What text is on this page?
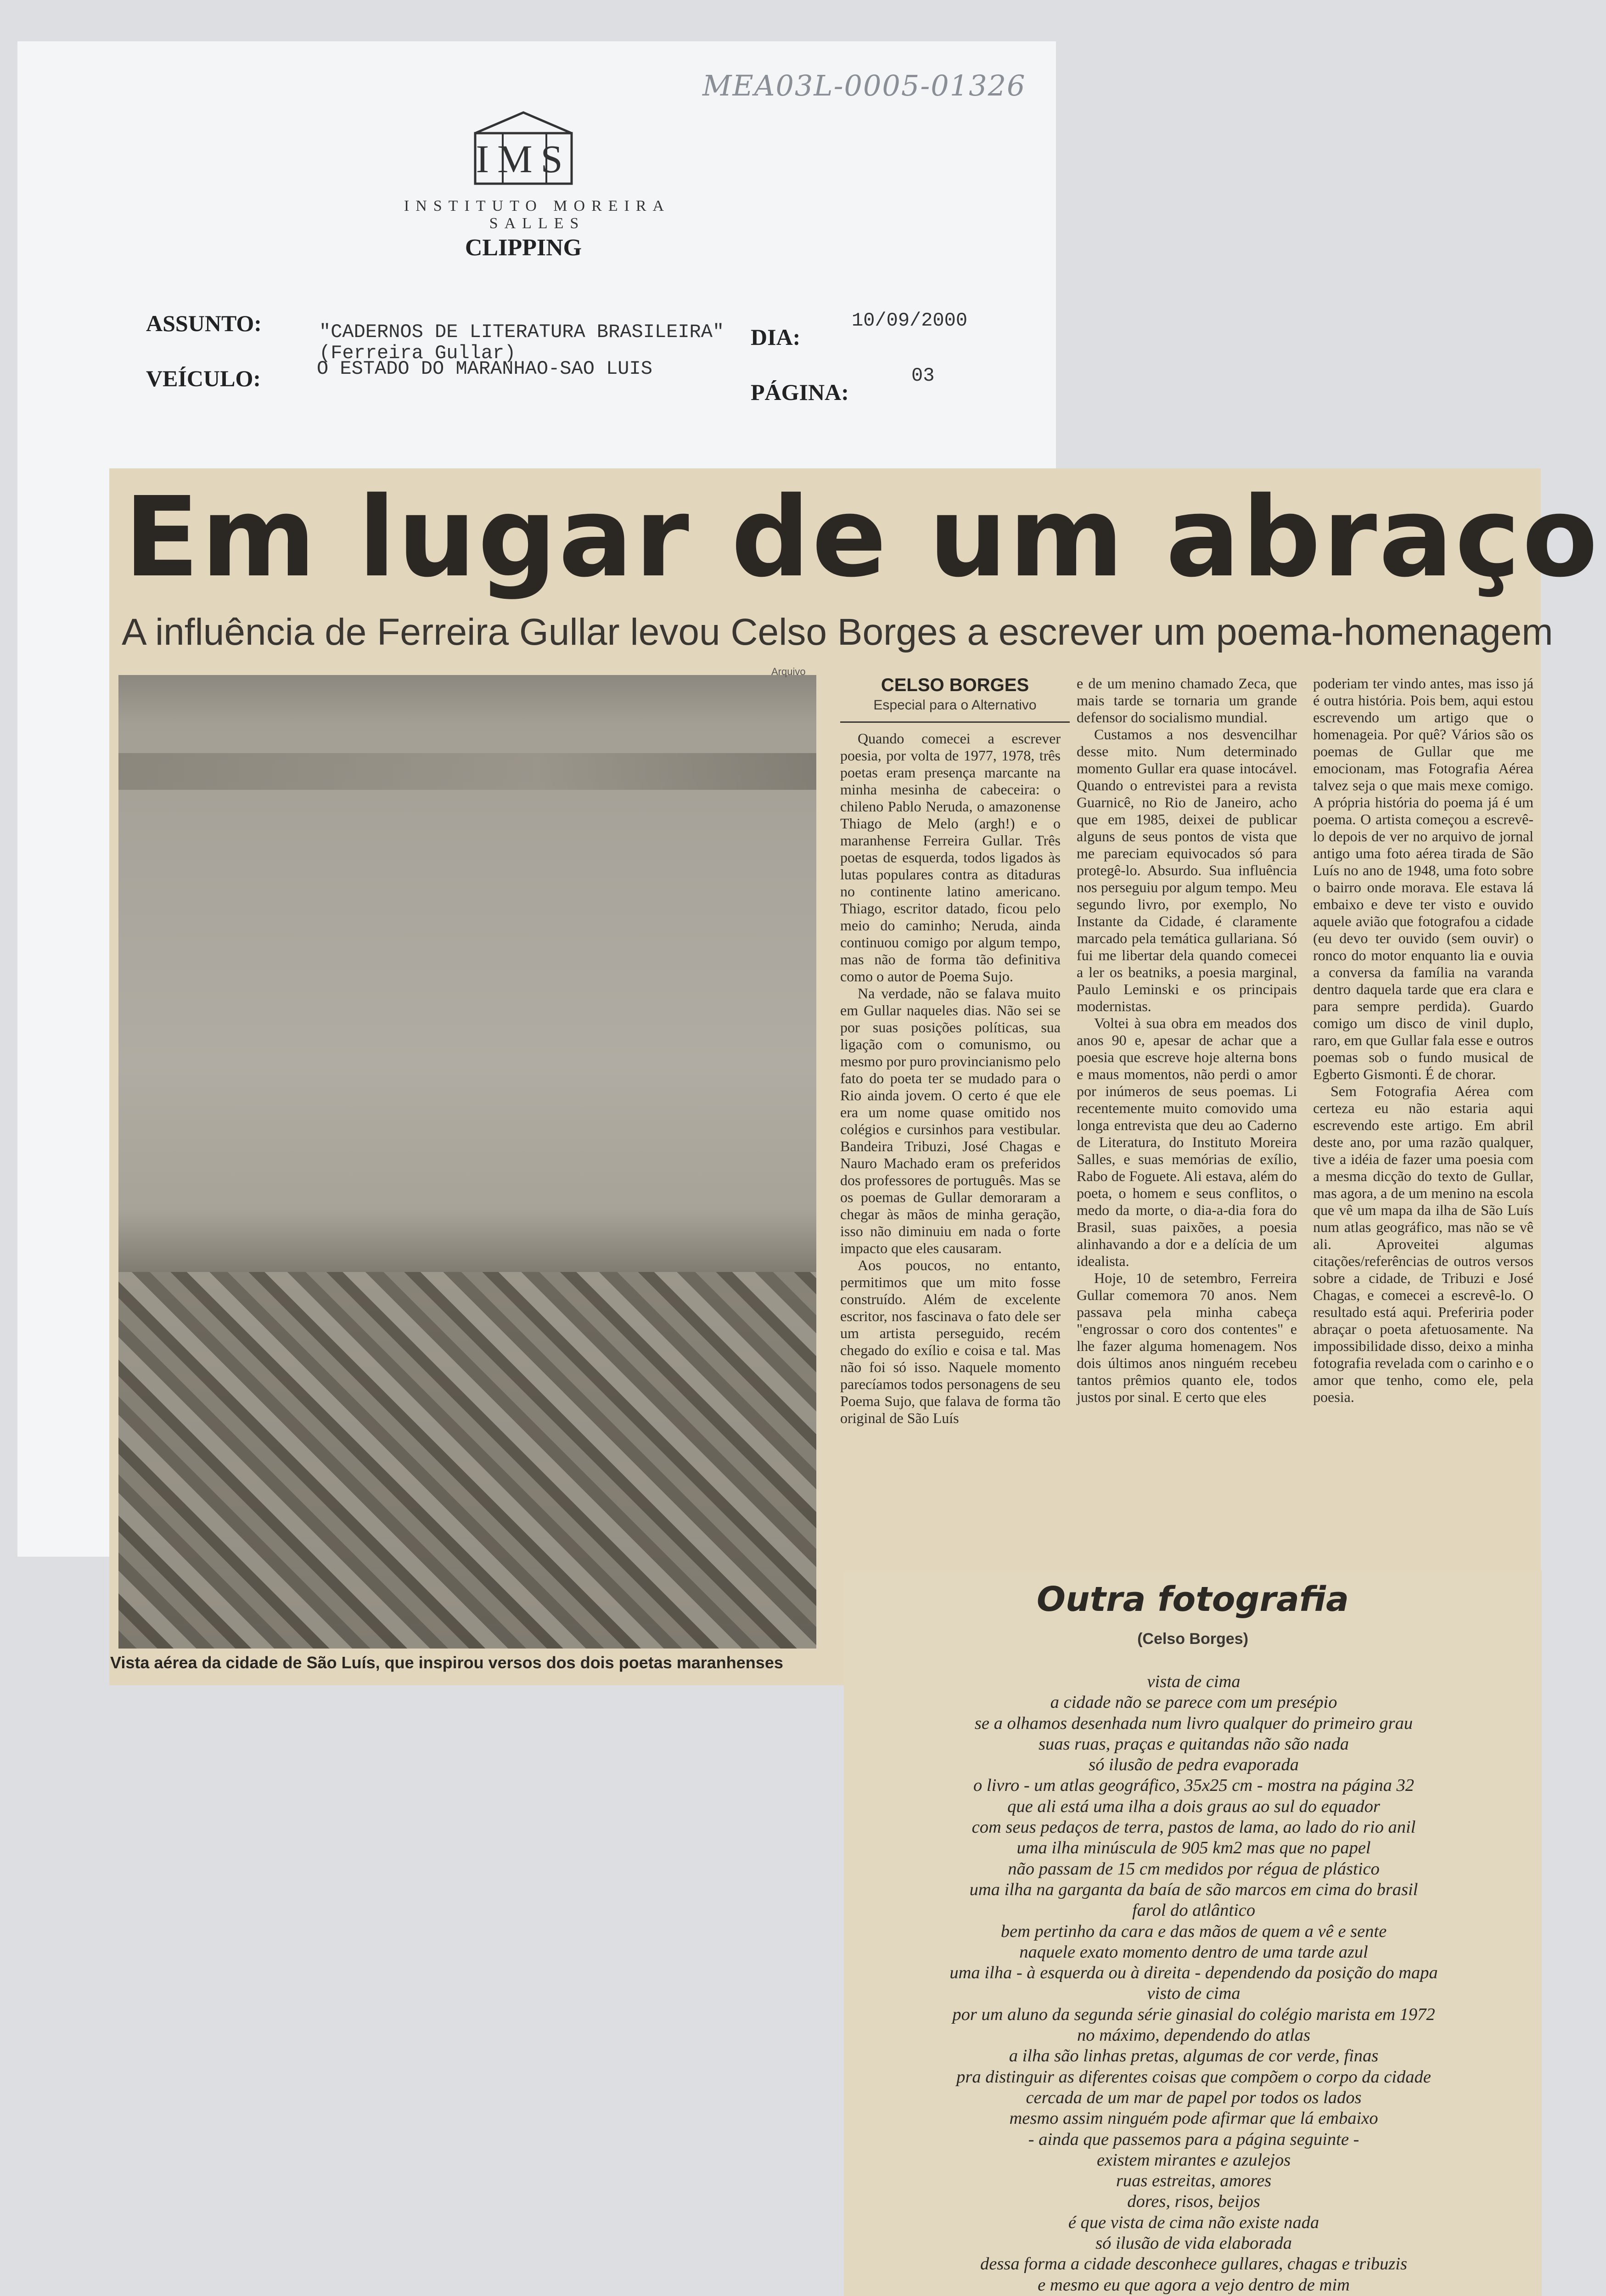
MEA03L-0005-01326
IMS
INSTITUTO MOREIRA SALLES
CLIPPING
ASSUNTO:	"CADERNOS DE LITERATURA BRASILEIRA"
(Ferreira Gullar)
VEÍCULO:	O ESTADO DO MARANHAO-SAO LUIS
DIA:
10/09/2000
PÁGINA:
03
Em lugar de um abraço
A influência de Ferreira Gullar levou Celso Borges a escrever um poema-homenagem
Arquivo
Vista aérea da cidade de São Luís, que inspirou versos dos dois poetas maranhenses
CELSO BORGES
Especial para o Alternativo

Quando comecei a escrever poesia, por volta de 1977, 1978, três poetas eram presença marcante na minha mesinha de cabeceira: o chileno Pablo Neruda, o amazonense Thiago de Melo (argh!) e o maranhense Ferreira Gullar. Três poetas de esquerda, todos ligados às lutas populares contra as ditaduras no continente latino americano. Thiago, escritor datado, ficou pelo meio do caminho; Neruda, ainda continuou comigo por algum tempo, mas não de forma tão definitiva como o autor de Poema Sujo.

Na verdade, não se falava muito em Gullar naqueles dias. Não sei se por suas posições políticas, sua ligação com o comunismo, ou mesmo por puro provincianismo pelo fato do poeta ter se mudado para o Rio ainda jovem. O certo é que ele era um nome quase omitido nos colégios e cursinhos para vestibular. Bandeira Tribuzi, José Chagas e Nauro Machado eram os preferidos dos professores de português. Mas se os poemas de Gullar demoraram a chegar às mãos de minha geração, isso não diminuiu em nada o forte impacto que eles causaram.

Aos poucos, no entanto, permitimos que um mito fosse construído. Além de excelente escritor, nos fascinava o fato dele ser um artista perseguido, recém chegado do exílio e coisa e tal. Mas não foi só isso. Naquele momento parecíamos todos personagens de seu Poema Sujo, que falava de forma tão original de São Luís

e de um menino chamado Zeca, que mais tarde se tornaria um grande defensor do socialismo mundial.

Custamos a nos desvencilhar desse mito. Num determinado momento Gullar era quase intocável. Quando o entrevistei para a revista Guarnicê, no Rio de Janeiro, acho que em 1985, deixei de publicar alguns de seus pontos de vista que me pareciam equivocados só para protegê-lo. Absurdo. Sua influência nos perseguiu por algum tempo. Meu segundo livro, por exemplo, No Instante da Cidade, é claramente marcado pela temática gullariana. Só fui me libertar dela quando comecei a ler os beatniks, a poesia marginal, Paulo Leminski e os principais modernistas.

Voltei à sua obra em meados dos anos 90 e, apesar de achar que a poesia que escreve hoje alterna bons e maus momentos, não perdi o amor por inúmeros de seus poemas. Li recentemente muito comovido uma longa entrevista que deu ao Caderno de Literatura, do Instituto Moreira Salles, e suas memórias de exílio, Rabo de Foguete. Ali estava, além do poeta, o homem e seus conflitos, o medo da morte, o dia-a-dia fora do Brasil, suas paixões, a poesia alinhavando a dor e a delícia de um idealista.

Hoje, 10 de setembro, Ferreira Gullar comemora 70 anos. Nem passava pela minha cabeça "engrossar o coro dos contentes" e lhe fazer alguma homenagem. Nos dois últimos anos ninguém recebeu tantos prêmios quanto ele, todos justos por sinal. E certo que eles

poderiam ter vindo antes, mas isso já é outra história. Pois bem, aqui estou escrevendo um artigo que o homenageia. Por quê? Vários são os poemas de Gullar que me emocionam, mas Fotografia Aérea talvez seja o que mais mexe comigo. A própria história do poema já é um poema. O artista começou a escrevê-lo depois de ver no arquivo de jornal antigo uma foto aérea tirada de São Luís no ano de 1948, uma foto sobre o bairro onde morava. Ele estava lá embaixo e deve ter visto e ouvido aquele avião que fotografou a cidade (eu devo ter ouvido (sem ouvir) o ronco do motor enquanto lia e ouvia a conversa da família na varanda dentro daquela tarde que era clara e para sempre perdida). Guardo comigo um disco de vinil duplo, raro, em que Gullar fala esse e outros poemas sob o fundo musical de Egberto Gismonti. É de chorar.

Sem Fotografia Aérea com certeza eu não estaria aqui escrevendo este artigo. Em abril deste ano, por uma razão qualquer, tive a idéia de fazer uma poesia com a mesma dicção do texto de Gullar, mas agora, a de um menino na escola que vê um mapa da ilha de São Luís num atlas geográfico, mas não se vê ali. Aproveitei algumas citações/referências de outros versos sobre a cidade, de Tribuzi e José Chagas, e comecei a escrevê-lo. O resultado está aqui. Preferiria poder abraçar o poeta afetuosamente. Na impossibilidade disso, deixo a minha fotografia revelada com o carinho e o amor que tenho, como ele, pela poesia.

Outra fotografia
(Celso Borges)
vista de cima
a cidade não se parece com um presépio
se a olhamos desenhada num livro qualquer do primeiro grau
suas ruas, praças e quitandas não são nada
só ilusão de pedra evaporada
o livro - um atlas geográfico, 35x25 cm - mostra na página 32
que ali está uma ilha a dois graus ao sul do equador
com seus pedaços de terra, pastos de lama, ao lado do rio anil
uma ilha minúscula de 905 km2 mas que no papel
não passam de 15 cm medidos por régua de plástico
uma ilha na garganta da baía de são marcos em cima do brasil
farol do atlântico
bem pertinho da cara e das mãos de quem a vê e sente
naquele exato momento dentro de uma tarde azul
uma ilha - à esquerda ou à direita - dependendo da posição do mapa
visto de cima
por um aluno da segunda série ginasial do colégio marista em 1972
no máximo, dependendo do atlas
a ilha são linhas pretas, algumas de cor verde, finas
pra distinguir as diferentes coisas que compõem o corpo da cidade
cercada de um mar de papel por todos os lados
mesmo assim ninguém pode afirmar que lá embaixo
- ainda que passemos para a página seguinte -
existem mirantes e azulejos
ruas estreitas, amores
dores, risos, beijos
é que vista de cima não existe nada
só ilusão de vida elaborada
dessa forma a cidade desconhece gullares, chagas e tribuzis
e mesmo eu que agora a vejo dentro de mim
